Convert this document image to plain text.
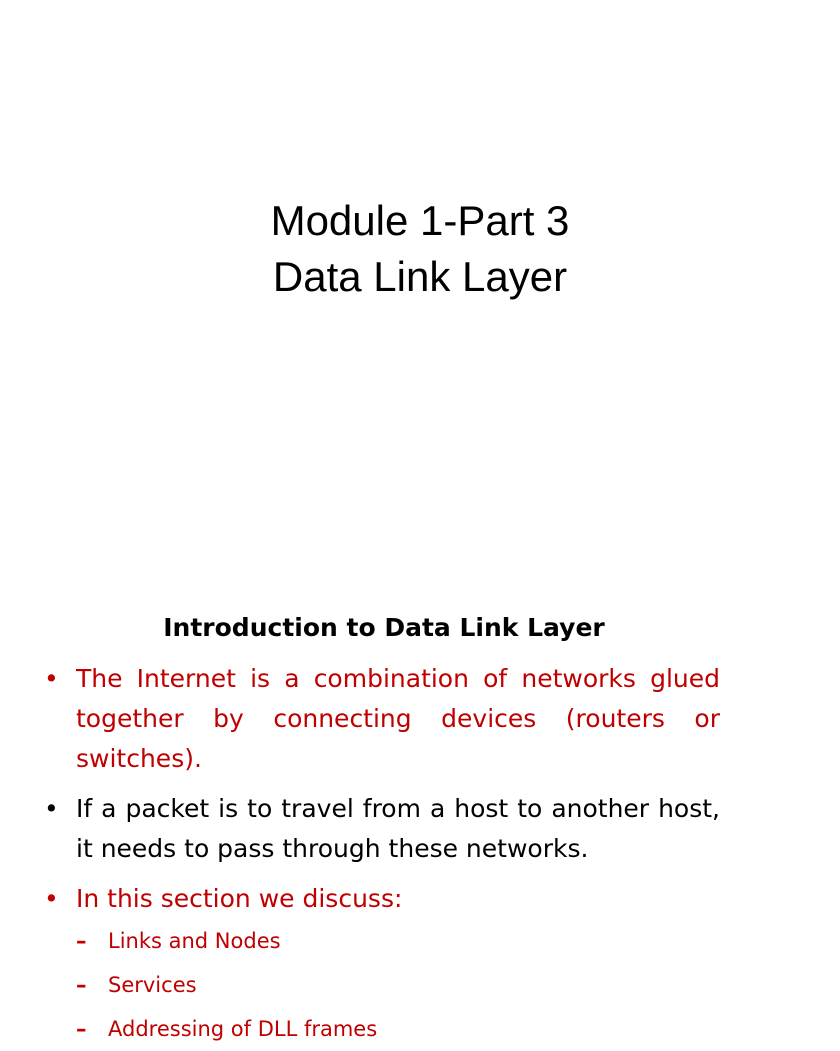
Module 1-Part 3
Data Link Layer
Introduction to Data Link Layer
• The Internet is a combination of networks glued together by connecting devices (routers or switches).
• If a packet is to travel from a host to another host, it needs to pass through these networks.
• In this section we discuss:
– Links and Nodes
– Services
– Addressing of DLL frames
